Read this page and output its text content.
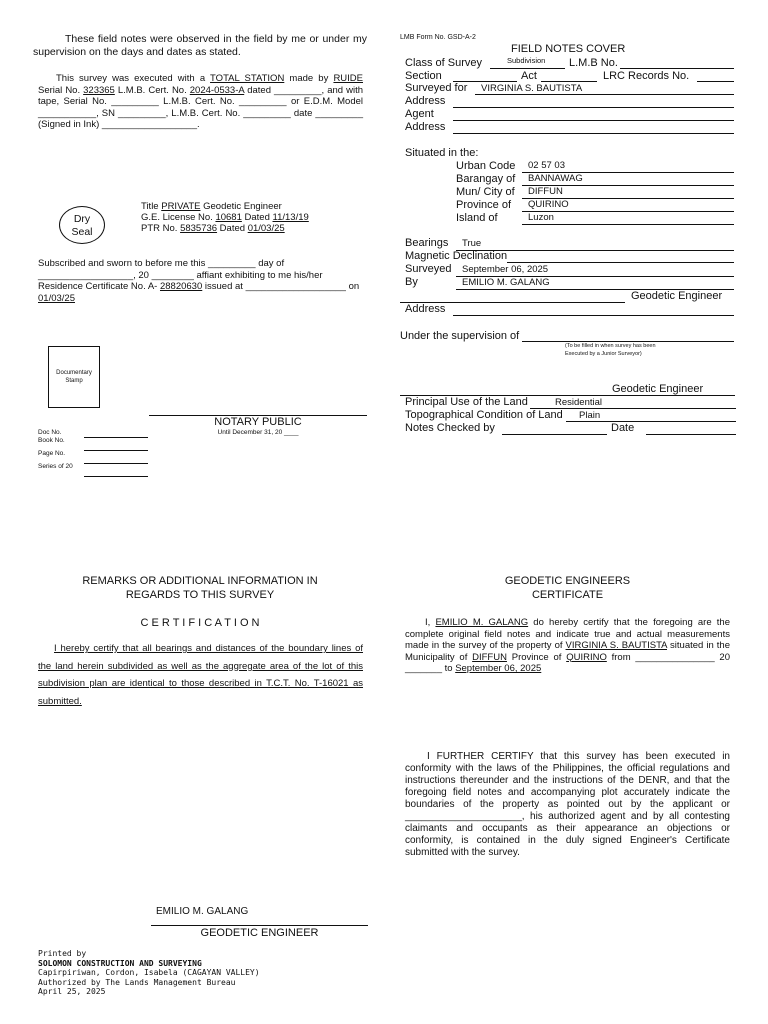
These field notes were observed in the field by me or under my supervision on the days and dates as stated.
This survey was executed with a TOTAL STATION made by RUIDE Serial No. 323365 L.M.B. Cert. No. 2024-0533-A dated _________, and with tape, Serial No. _________ L.M.B. Cert. No. _________ or E.D.M. Model ___________, SN _________, L.M.B. Cert. No. _________ date _________ (Signed in Ink) __________________.
Dry
Seal
Title PRIVATE Geodetic Engineer
G.E. License No. 10681 Dated 11/13/19
PTR No. 5835736 Dated 01/03/25
Subscribed and sworn to before me this _________ day of __________________, 20 ________ affiant exhibiting to me his/her Residence Certificate No. A- 28820630 issued at ___________________ on 01/03/25
Documentary
Stamp
NOTARY PUBLIC
Until December 31, 20 ____
Doc No.
Book No.
Page No.
Series of 20
LMB Form No. GSD-A-2
FIELD NOTES COVER
Class of Survey	Subdivision L.M.B No.
Section	Act	LRC Records No.
Surveyed for VIRGINIA S. BAUTISTA
Address
Agent
Address
Situated in the:
Urban Code 02 57 03
Barangay of BANNAWAG
Mun/ City of DIFFUN
Province of QUIRINO
Island of	Luzon
Bearings True
Magnetic Declination
Surveyed September 06, 2025
By	EMILIO M. GALANG
Geodetic Engineer
Address
Under the supervision of
(To be filled in when survey has been
Executed by a Junior Surveyor)
Geodetic Engineer
Principal Use of the Land	Residential
Topographical Condition of Land Plain
Notes Checked by	Date
REMARKS OR ADDITIONAL INFORMATION IN
REGARDS TO THIS SURVEY
C E R T I F I C A T I O N
I hereby certify that all bearings and distances of the boundary lines of the land herein subdivided as well as the aggregate area of the lot of this subdivision plan are identical to those described in T.C.T. No. T-16021 as submitted.
EMILIO M. GALANG
GEODETIC ENGINEER
Printed by
SOLOMON CONSTRUCTION AND SURVEYING
Capirpiriwan, Cordon, Isabela (CAGAYAN VALLEY)
Authorized by The Lands Management Bureau
April 25, 2025
GEODETIC ENGINEERS
CERTIFICATE
I, EMILIO M. GALANG do hereby certify that the foregoing are the complete original field notes and indicate true and actual measurements made in the survey of the property of VIRGINIA S. BAUTISTA situated in the Municipality of DIFFUN Province of QUIRINO from _______________ 20 _______ to September 06, 2025
I FURTHER CERTIFY that this survey has been executed in conformity with the laws of the Philippines, the official regulations and instructions thereunder and the instructions of the DENR, and that the foregoing field notes and accompanying plot accurately indicate the boundaries of the property as pointed out by the applicant or _____________________, his authorized agent and by all contesting claimants and occupants as their appearance an objections or conformity, is contained in the duly signed Engineer's Certificate submitted with the survey.
